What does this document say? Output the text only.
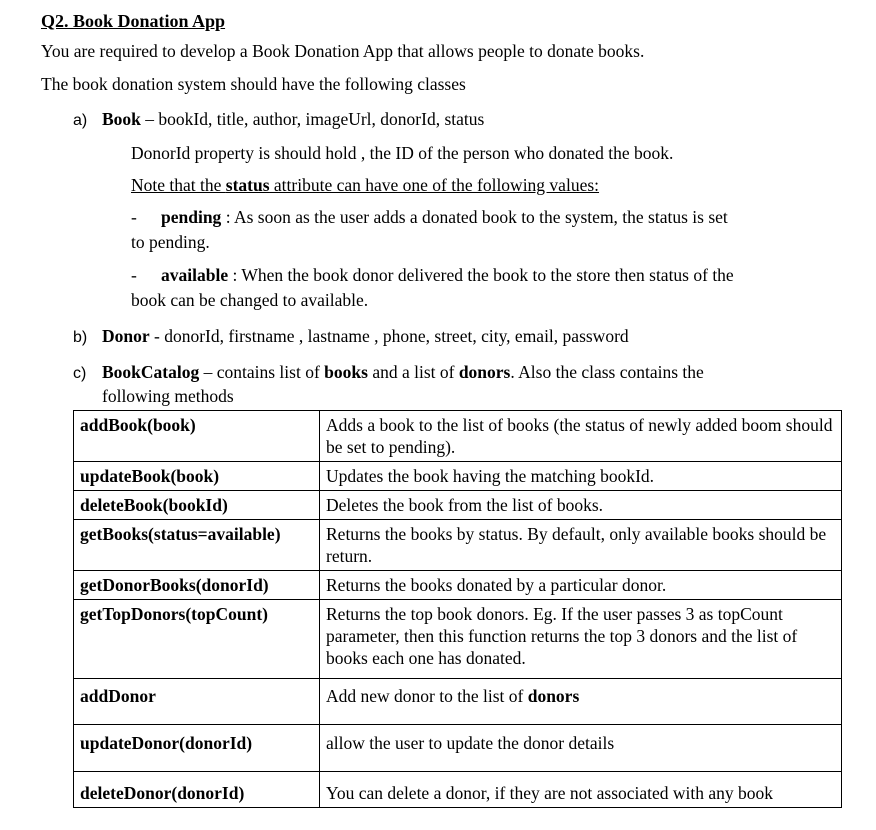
Q2. Book Donation App
You are required to develop a Book Donation App that allows people to donate books.
The book donation system should have the following classes
a) Book – bookId, title, author, imageUrl, donorId, status
DonorId property is should hold , the ID of the person who donated the book.
Note that the status attribute can have one of the following values:
- pending : As soon as the user adds a donated book to the system, the status is set
to pending.
- available : When the book donor delivered the book to the store then status of the
book can be changed to available.
b) Donor - donorId, firstname , lastname , phone, street, city, email, password
c) BookCatalog – contains list of books and a list of donors. Also the class contains the
following methods
addBook(book)	Adds a book to the list of books (the status of newly added boom should be set to pending).
updateBook(book)	Updates the book having the matching bookId.
deleteBook(bookId)	Deletes the book from the list of books.
getBooks(status=available)	Returns the books by status. By default, only available books should be return.
getDonorBooks(donorId)	Returns the books donated by a particular donor.
getTopDonors(topCount)	Returns the top book donors. Eg. If the user passes 3 as topCount parameter, then this function returns the top 3 donors and the list of books each one has donated.
addDonor	Add new donor to the list of donors
updateDonor(donorId)	allow the user to update the donor details
deleteDonor(donorId)	You can delete a donor, if they are not associated with any book
